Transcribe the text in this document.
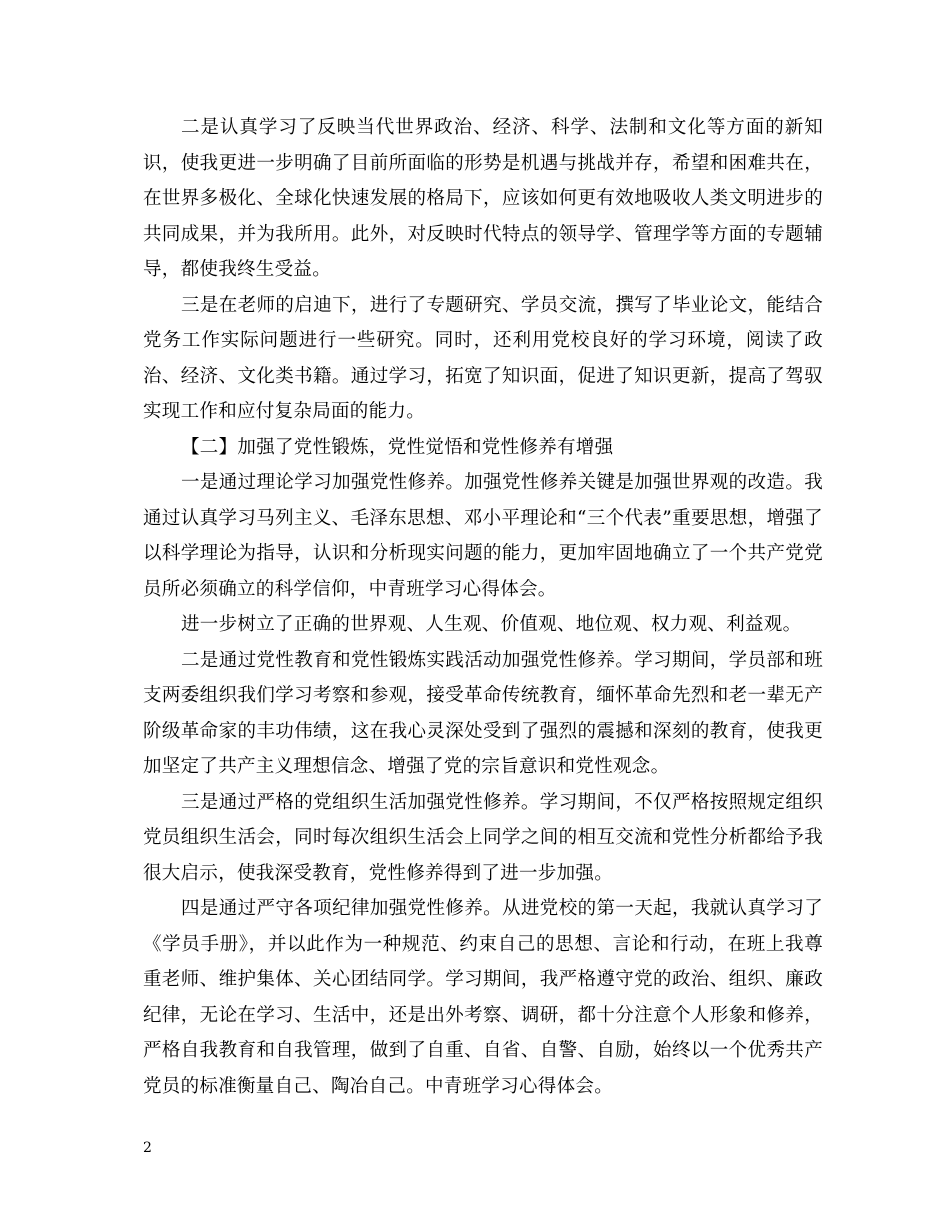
二是认真学习了反映当代世界政治、经济、科学、法制和文化等方面的新知识，使我更进一步明确了目前所面临的形势是机遇与挑战并存，希望和困难共在，在世界多极化、全球化快速发展的格局下，应该如何更有效地吸收人类文明进步的共同成果，并为我所用。此外，对反映时代特点的领导学、管理学等方面的专题辅导，都使我终生受益。

三是在老师的启迪下，进行了专题研究、学员交流，撰写了毕业论文，能结合党务工作实际问题进行一些研究。同时，还利用党校良好的学习环境，阅读了政治、经济、文化类书籍。通过学习，拓宽了知识面，促进了知识更新，提高了驾驭实现工作和应付复杂局面的能力。

【二】加强了党性锻炼，党性觉悟和党性修养有增强

一是通过理论学习加强党性修养。加强党性修养关键是加强世界观的改造。我通过认真学习马列主义、毛泽东思想、邓小平理论和“三个代表”重要思想，增强了以科学理论为指导，认识和分析现实问题的能力，更加牢固地确立了一个共产党党员所必须确立的科学信仰，中青班学习心得体会。

进一步树立了正确的世界观、人生观、价值观、地位观、权力观、利益观。

二是通过党性教育和党性锻炼实践活动加强党性修养。学习期间，学员部和班支两委组织我们学习考察和参观，接受革命传统教育，缅怀革命先烈和老一辈无产阶级革命家的丰功伟绩，这在我心灵深处受到了强烈的震撼和深刻的教育，使我更加坚定了共产主义理想信念、增强了党的宗旨意识和党性观念。

三是通过严格的党组织生活加强党性修养。学习期间，不仅严格按照规定组织党员组织生活会，同时每次组织生活会上同学之间的相互交流和党性分析都给予我很大启示，使我深受教育，党性修养得到了进一步加强。

四是通过严守各项纪律加强党性修养。从进党校的第一天起，我就认真学习了《学员手册》，并以此作为一种规范、约束自己的思想、言论和行动，在班上我尊重老师、维护集体、关心团结同学。学习期间，我严格遵守党的政治、组织、廉政纪律，无论在学习、生活中，还是出外考察、调研，都十分注意个人形象和修养，严格自我教育和自我管理，做到了自重、自省、自警、自励，始终以一个优秀共产党员的标准衡量自己、陶冶自己。中青班学习心得体会。

2
